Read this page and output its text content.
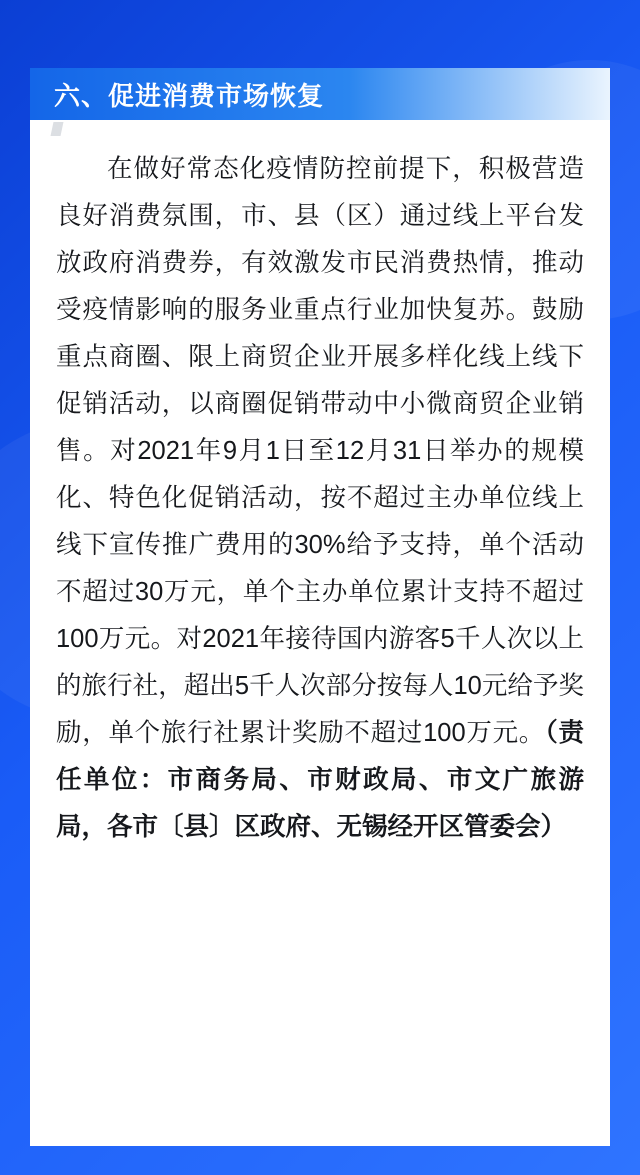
六、促进消费市场恢复
在做好常态化疫情防控前提下，积极营造良好消费氛围，市、县（区）通过线上平台发放政府消费券，有效激发市民消费热情，推动受疫情影响的服务业重点行业加快复苏。鼓励重点商圈、限上商贸企业开展多样化线上线下促销活动，以商圈促销带动中小微商贸企业销售。对2021年9月1日至12月31日举办的规模化、特色化促销活动，按不超过主办单位线上线下宣传推广费用的30%给予支持，单个活动不超过30万元，单个主办单位累计支持不超过100万元。对2021年接待国内游客5千人次以上的旅行社，超出5千人次部分按每人10元给予奖励，单个旅行社累计奖励不超过100万元。（责任单位：市商务局、市财政局、市文广旅游局，各市〔县〕区政府、无锡经开区管委会）
